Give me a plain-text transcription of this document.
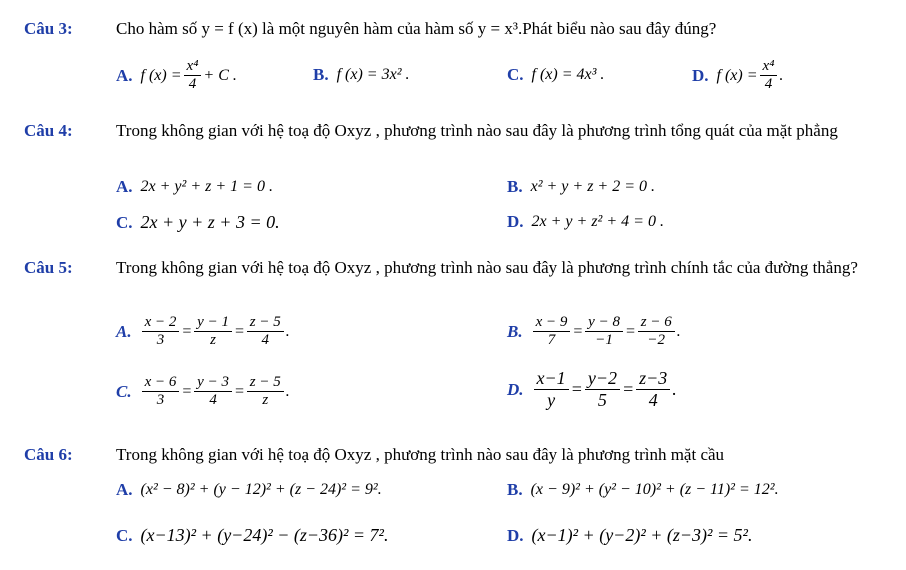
Câu 3:	Cho hàm số y = f (x) là một nguyên hàm của hàm số y = x³.Phát biểu nào sau đây đúng?
A. f $(x) = \frac{\text{x⁴}}{4} + C$ .	B. f (x) = 3x² .	C. f (x) = 4x³ .	D. f $(x) = \frac{\text{x⁴}}{4}$ .
Câu 4:	Trong không gian với hệ toạ độ Oxyz , phương trình nào sau đây là phương trình tổng quát của mặt phẳng
A. 2x + y² + z + 1 = 0 .	B. x² + y + z + 2 = 0 .
C. 2x + y + z + 3 = 0.	D. 2x + y + z² + 4 = 0 .
Câu 5:	Trong không gian với hệ toạ độ Oxyz , phương trình nào sau đây là phương trình chính tắc của đường thẳng?
A. $\frac{x - 2}{3} = \frac{y - 1}{z} = \frac{z - 5}{4}$ .	B. $\frac{x - 9}{7} = \frac{y - 8}{-1} = \frac{z - 6}{-2}$ .
C. $\frac{x - 6}{3} = \frac{y - 3}{4} = \frac{z - 5}{z}$ .	D. $\frac{x-1}{y} = \frac{y-2}{5} = \frac{z-3}{4}$ .
Câu 6:	Trong không gian với hệ toạ độ Oxyz , phương trình nào sau đây là phương trình mặt cầu
A. (x² − 8)² + (y − 12)² + (z − 24)² = 9².	B. (x − 9)² + (y² − 10)² + (z − 11)² = 12².
C. (x−13)² + (y−24)² − (z−36)² = 7².	D. (x−1)² + (y−2)² + (z−3)² = 5².
